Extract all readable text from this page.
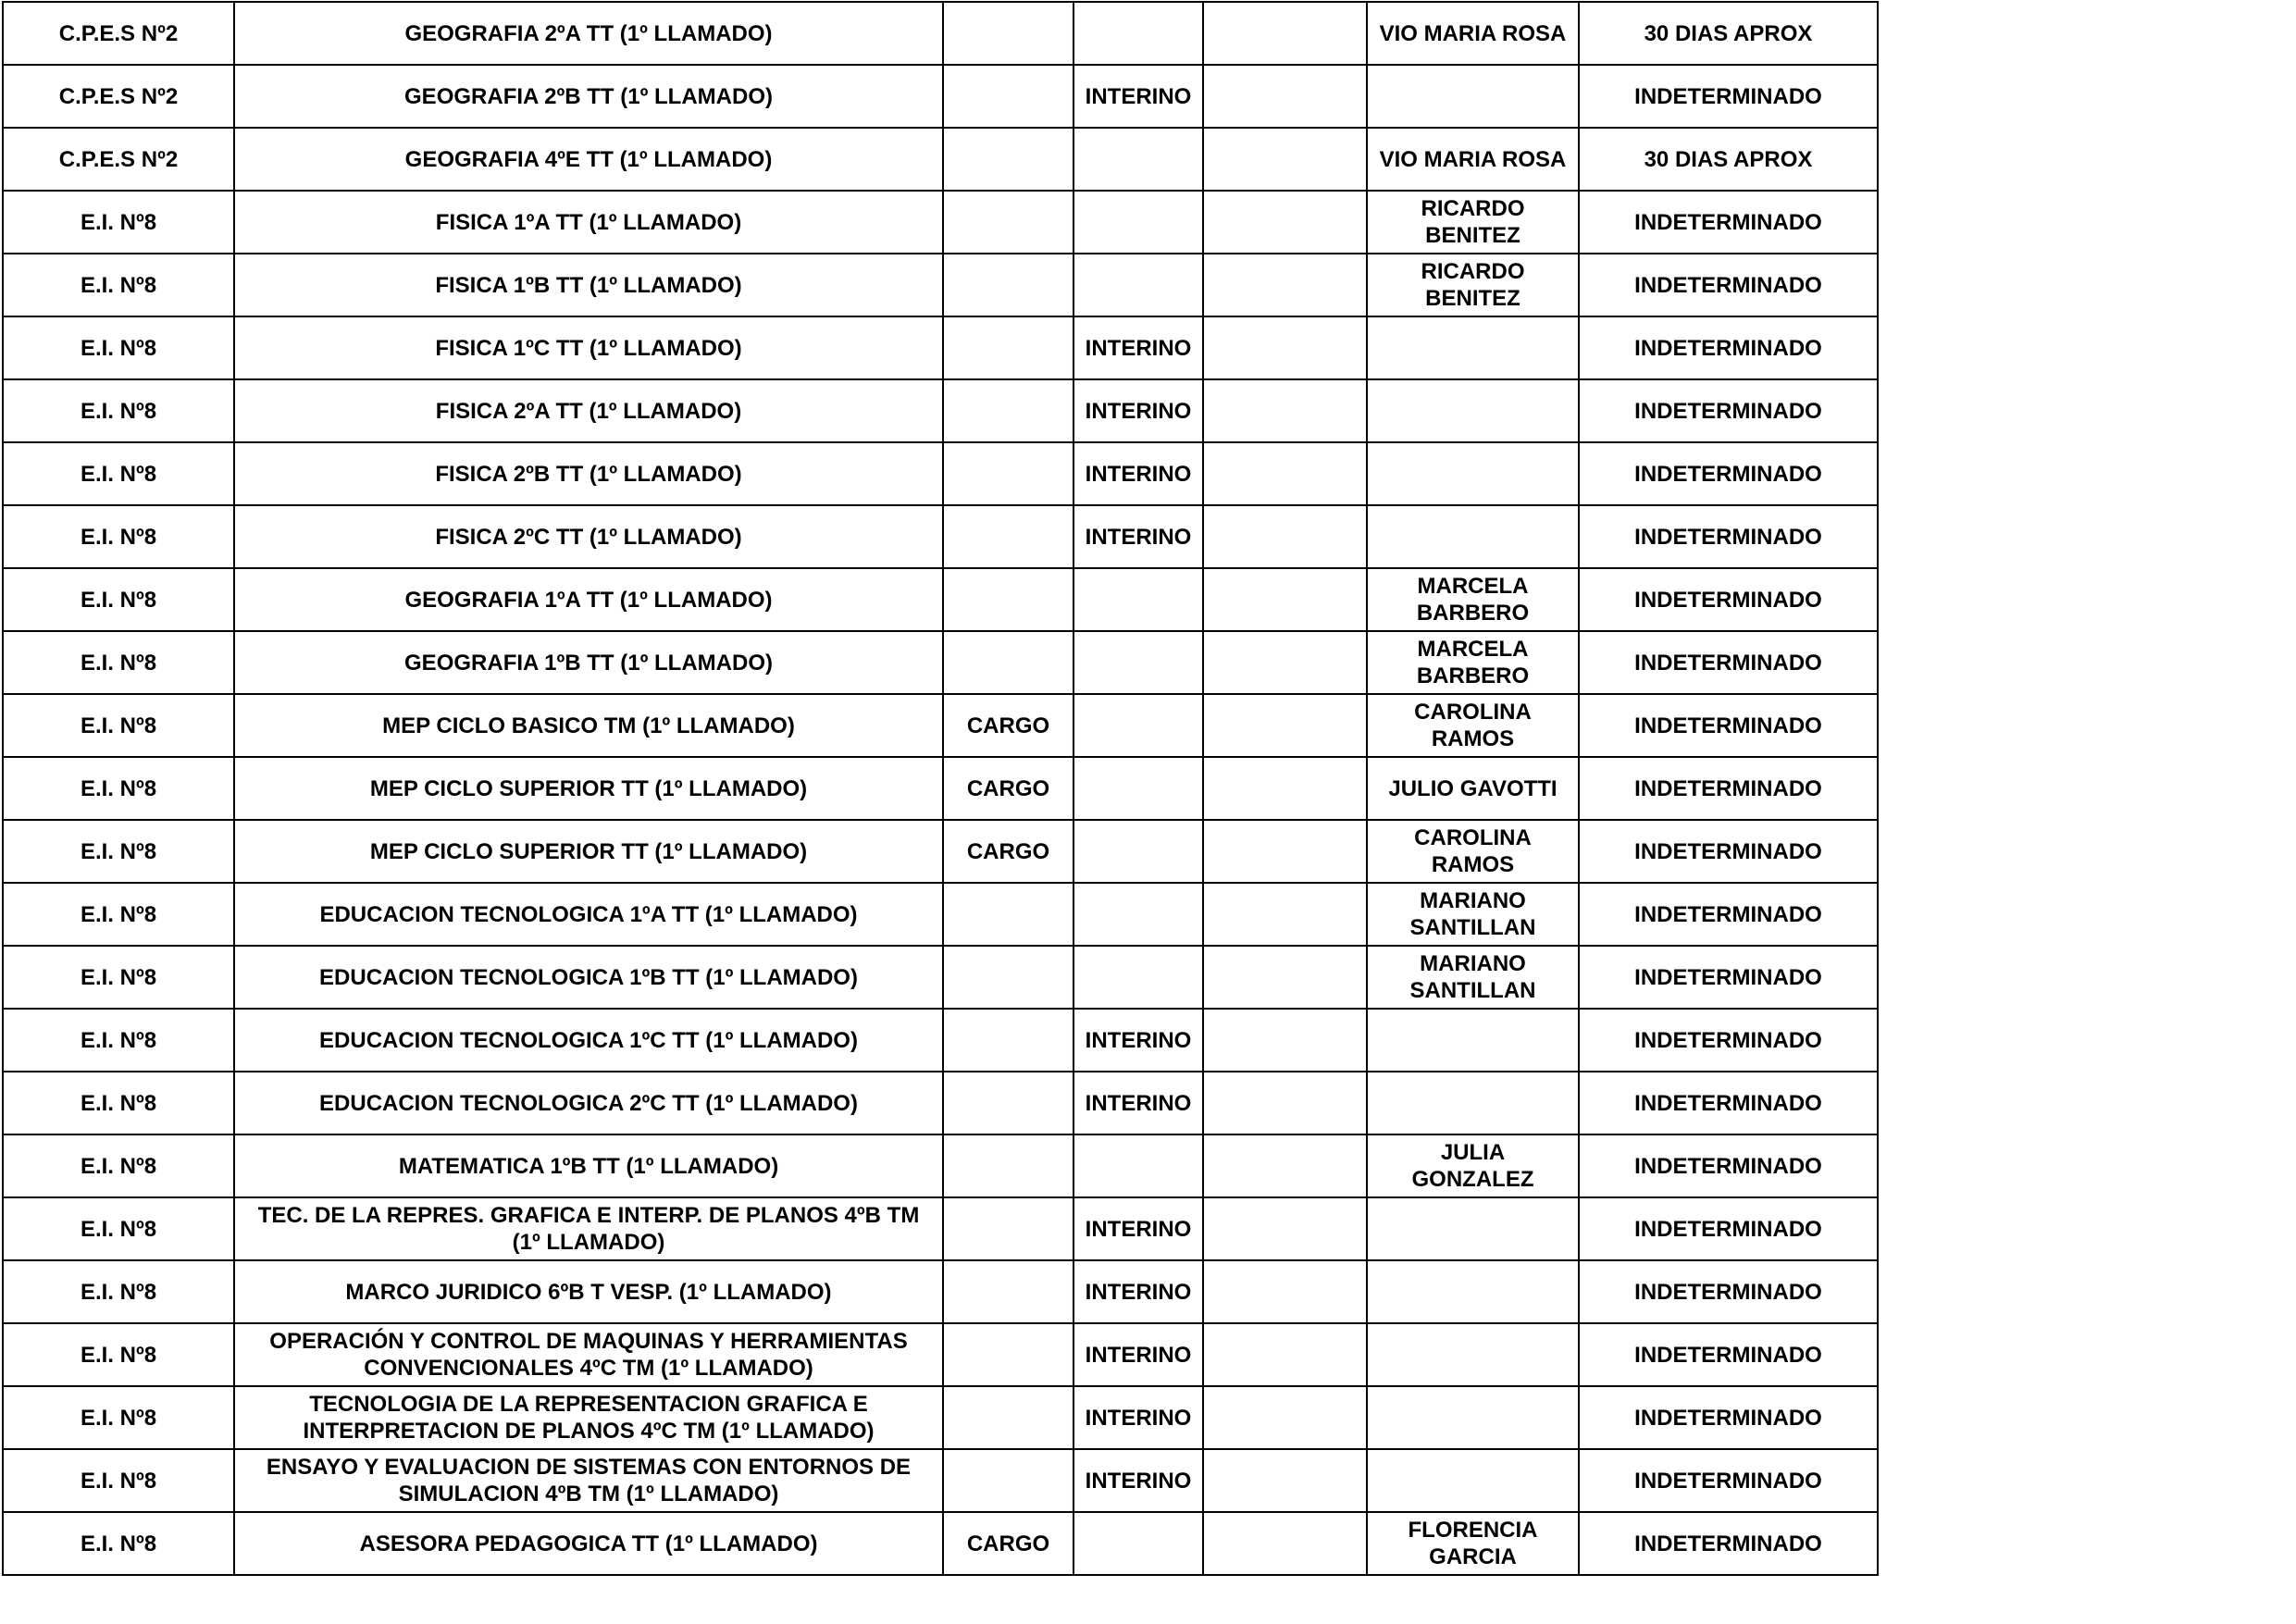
C.P.E.S Nº2	GEOGRAFIA 2ºA TT (1º LLAMADO)				VIO MARIA ROSA	30 DIAS APROX
C.P.E.S Nº2	GEOGRAFIA 2ºB TT (1º LLAMADO)		INTERINO			INDETERMINADO
C.P.E.S Nº2	GEOGRAFIA 4ºE TT (1º LLAMADO)				VIO MARIA ROSA	30 DIAS APROX
E.I. Nº8	FISICA 1ºA TT (1º LLAMADO)				RICARDO BENITEZ	INDETERMINADO
E.I. Nº8	FISICA 1ºB TT (1º LLAMADO)				RICARDO BENITEZ	INDETERMINADO
E.I. Nº8	FISICA 1ºC TT (1º LLAMADO)		INTERINO			INDETERMINADO
E.I. Nº8	FISICA 2ºA TT (1º LLAMADO)		INTERINO			INDETERMINADO
E.I. Nº8	FISICA 2ºB TT (1º LLAMADO)		INTERINO			INDETERMINADO
E.I. Nº8	FISICA 2ºC TT (1º LLAMADO)		INTERINO			INDETERMINADO
E.I. Nº8	GEOGRAFIA 1ºA TT (1º LLAMADO)				MARCELA BARBERO	INDETERMINADO
E.I. Nº8	GEOGRAFIA 1ºB TT (1º LLAMADO)				MARCELA BARBERO	INDETERMINADO
E.I. Nº8	MEP CICLO BASICO TM (1º LLAMADO)	CARGO			CAROLINA RAMOS	INDETERMINADO
E.I. Nº8	MEP CICLO SUPERIOR TT (1º LLAMADO)	CARGO			JULIO GAVOTTI	INDETERMINADO
E.I. Nº8	MEP CICLO SUPERIOR TT (1º LLAMADO)	CARGO			CAROLINA RAMOS	INDETERMINADO
E.I. Nº8	EDUCACION TECNOLOGICA 1ºA TT (1º LLAMADO)				MARIANO SANTILLAN	INDETERMINADO
E.I. Nº8	EDUCACION TECNOLOGICA 1ºB TT (1º LLAMADO)				MARIANO SANTILLAN	INDETERMINADO
E.I. Nº8	EDUCACION TECNOLOGICA 1ºC TT (1º LLAMADO)		INTERINO			INDETERMINADO
E.I. Nº8	EDUCACION TECNOLOGICA 2ºC TT (1º LLAMADO)		INTERINO			INDETERMINADO
E.I. Nº8	MATEMATICA 1ºB TT (1º LLAMADO)				JULIA GONZALEZ	INDETERMINADO
E.I. Nº8	TEC. DE LA REPRES. GRAFICA E INTERP. DE PLANOS 4ºB TM (1º LLAMADO)		INTERINO			INDETERMINADO
E.I. Nº8	MARCO JURIDICO 6ºB T VESP. (1º LLAMADO)		INTERINO			INDETERMINADO
E.I. Nº8	OPERACIÓN Y CONTROL DE MAQUINAS Y HERRAMIENTAS CONVENCIONALES 4ºC TM (1º LLAMADO)		INTERINO			INDETERMINADO
E.I. Nº8	TECNOLOGIA DE LA REPRESENTACION GRAFICA E INTERPRETACION DE PLANOS 4ºC TM (1º LLAMADO)		INTERINO			INDETERMINADO
E.I. Nº8	ENSAYO Y EVALUACION DE SISTEMAS CON ENTORNOS DE SIMULACION 4ºB TM (1º LLAMADO)		INTERINO			INDETERMINADO
E.I. Nº8	ASESORA PEDAGOGICA TT (1º LLAMADO)	CARGO			FLORENCIA GARCIA	INDETERMINADO
